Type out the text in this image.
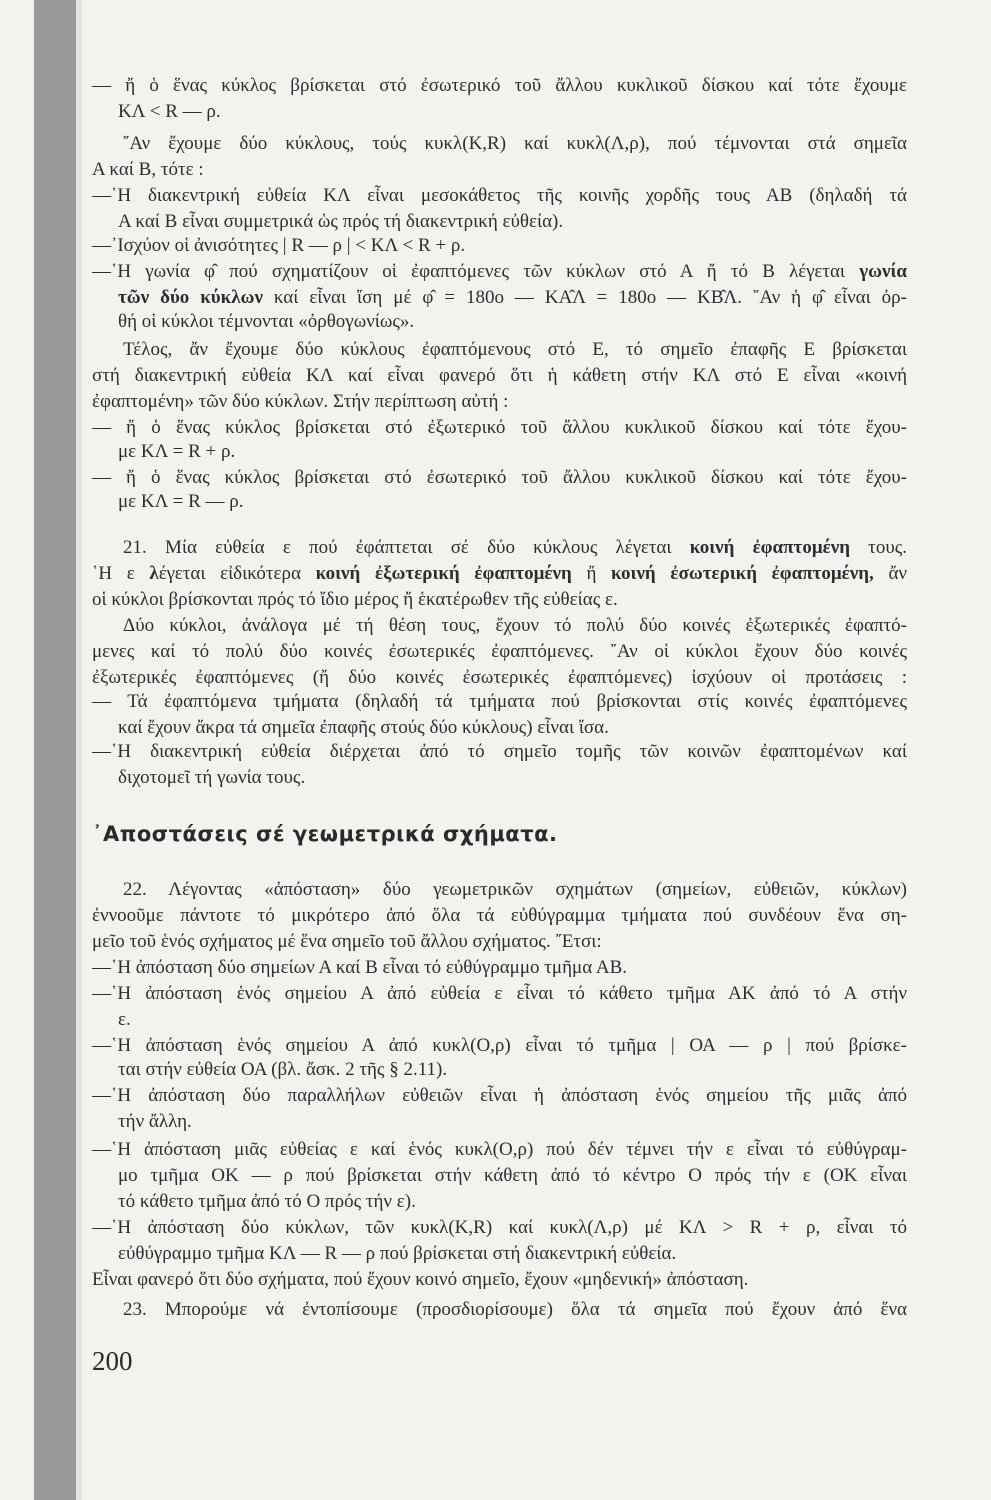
— ἤ ὁ ἕνας κύκλος βρίσκεται στό ἐσωτερικό τοῦ ἄλλου κυκλικοῦ δίσκου καί τότε ἔχουμε
ΚΛ < R — ρ.
῎Αν ἔχουμε δύο κύκλους, τούς κυκλ(Κ,R) καί κυκλ(Λ,ρ), πού τέμνονται στά σημεῖα
Α καί Β, τότε :
—῾Η διακεντρική εὐθεία ΚΛ εἶναι μεσοκάθετος τῆς κοινῆς χορδῆς τους ΑΒ (δηλαδή τά
Α καί Β εἶναι συμμετρικά ὡς πρός τή διακεντρική εὐθεία).
—᾿Ισχύον οἱ ἀνισότητες | R — ρ | < ΚΛ < R + ρ.
—῾Η γωνία φ̂ πού σχηματίζουν οἱ ἐφαπτόμενες τῶν κύκλων στό Α ἤ τό Β λέγεται γωνία
τῶν δύο κύκλων καί εἶναι ἴση μέ φ̂ = 180ο — ΚΑ̂Λ = 180ο — ΚΒ̂Λ. ῎Αν ἡ φ̂ εἶναι ὀρ-
θή οἱ κύκλοι τέμνονται «ὀρθογωνίως».
Τέλος, ἄν ἔχουμε δύο κύκλους ἐφαπτόμενους στό Ε, τό σημεῖο ἐπαφῆς Ε βρίσκεται
στή διακεντρική εὐθεία ΚΛ καί εἶναι φανερό ὅτι ἡ κάθετη στήν ΚΛ στό Ε εἶναι «κοινή
ἐφαπτομένη» τῶν δύο κύκλων. Στήν περίπτωση αὐτή :
— ἤ ὁ ἕνας κύκλος βρίσκεται στό ἐξωτερικό τοῦ ἄλλου κυκλικοῦ δίσκου καί τότε ἔχου-
με ΚΛ = R + ρ.
— ἤ ὁ ἕνας κύκλος βρίσκεται στό ἐσωτερικό τοῦ ἄλλου κυκλικοῦ δίσκου καί τότε ἔχου-
με ΚΛ = R — ρ.
21. Μία εὐθεία ε πού ἐφάπτεται σέ δύο κύκλους λέγεται κοινή ἐφαπτομένη τους.
῾Η ε λέγεται εἰδικότερα κοινή ἐξωτερική ἐφαπτομένη ἤ κοινή ἐσωτερική ἐφαπτομένη, ἄν
οἱ κύκλοι βρίσκονται πρός τό ἴδιο μέρος ἤ ἑκατέρωθεν τῆς εὐθείας ε.
Δύο κύκλοι, ἀνάλογα μέ τή θέση τους, ἔχουν τό πολύ δύο κοινές ἐξωτερικές ἐφαπτό-
μενες καί τό πολύ δύο κοινές ἐσωτερικές ἐφαπτόμενες. ῎Αν οἱ κύκλοι ἔχουν δύο κοινές
ἐξωτερικές ἐφαπτόμενες (ἤ δύο κοινές ἐσωτερικές ἐφαπτόμενες) ἰσχύουν οἱ προτάσεις :
— Τά ἐφαπτόμενα τμήματα (δηλαδή τά τμήματα πού βρίσκονται στίς κοινές ἐφαπτόμενες
καί ἔχουν ἄκρα τά σημεῖα ἐπαφῆς στούς δύο κύκλους) εἶναι ἴσα.
—῾Η διακεντρική εὐθεία διέρχεται ἀπό τό σημεῖο τομῆς τῶν κοινῶν ἐφαπτομένων καί
διχοτομεῖ τή γωνία τους.
22. Λέγοντας «ἀπόσταση» δύο γεωμετρικῶν σχημάτων (σημείων, εὐθειῶν, κύκλων)
ἐννοοῦμε πάντοτε τό μικρότερο ἀπό ὅλα τά εὐθύγραμμα τμήματα πού συνδέουν ἕνα ση-
μεῖο τοῦ ἑνός σχήματος μέ ἕνα σημεῖο τοῦ ἄλλου σχήματος. ῎Ετσι:
—῾Η ἀπόσταση δύο σημείων Α καί Β εἶναι τό εὐθύγραμμο τμῆμα ΑΒ.
—῾Η ἀπόσταση ἑνός σημείου Α ἀπό εὐθεία ε εἶναι τό κάθετο τμῆμα ΑΚ ἀπό τό Α στήν
ε.
—῾Η ἀπόσταση ἑνός σημείου Α ἀπό κυκλ(Ο,ρ) εἶναι τό τμῆμα | ΟΑ — ρ | πού βρίσκε-
ται στήν εὐθεία ΟΑ (βλ. ἄσκ. 2 τῆς § 2.11).
—῾Η ἀπόσταση δύο παραλλήλων εὐθειῶν εἶναι ἡ ἀπόσταση ἑνός σημείου τῆς μιᾶς ἀπό
τήν ἄλλη.
—῾Η ἀπόσταση μιᾶς εὐθείας ε καί ἑνός κυκλ(Ο,ρ) πού δέν τέμνει τήν ε εἶναι τό εὐθύγραμ-
μο τμῆμα ΟΚ — ρ πού βρίσκεται στήν κάθετη ἀπό τό κέντρο Ο πρός τήν ε (ΟΚ εἶναι
τό κάθετο τμῆμα ἀπό τό Ο πρός τήν ε).
—῾Η ἀπόσταση δύο κύκλων, τῶν κυκλ(Κ,R) καί κυκλ(Λ,ρ) μέ ΚΛ > R + ρ, εἶναι τό
εὐθύγραμμο τμῆμα ΚΛ — R — ρ πού βρίσκεται στή διακεντρική εὐθεία.
Εἶναι φανερό ὅτι δύο σχήματα, πού ἔχουν κοινό σημεῖο, ἔχουν «μηδενική» ἀπόσταση.
23. Μπορούμε νά ἐντοπίσουμε (προσδιορίσουμε) ὅλα τά σημεῖα πού ἔχουν ἀπό ἕνα
᾿Αποστάσεις σέ γεωμετρικά σχήματα.
200
